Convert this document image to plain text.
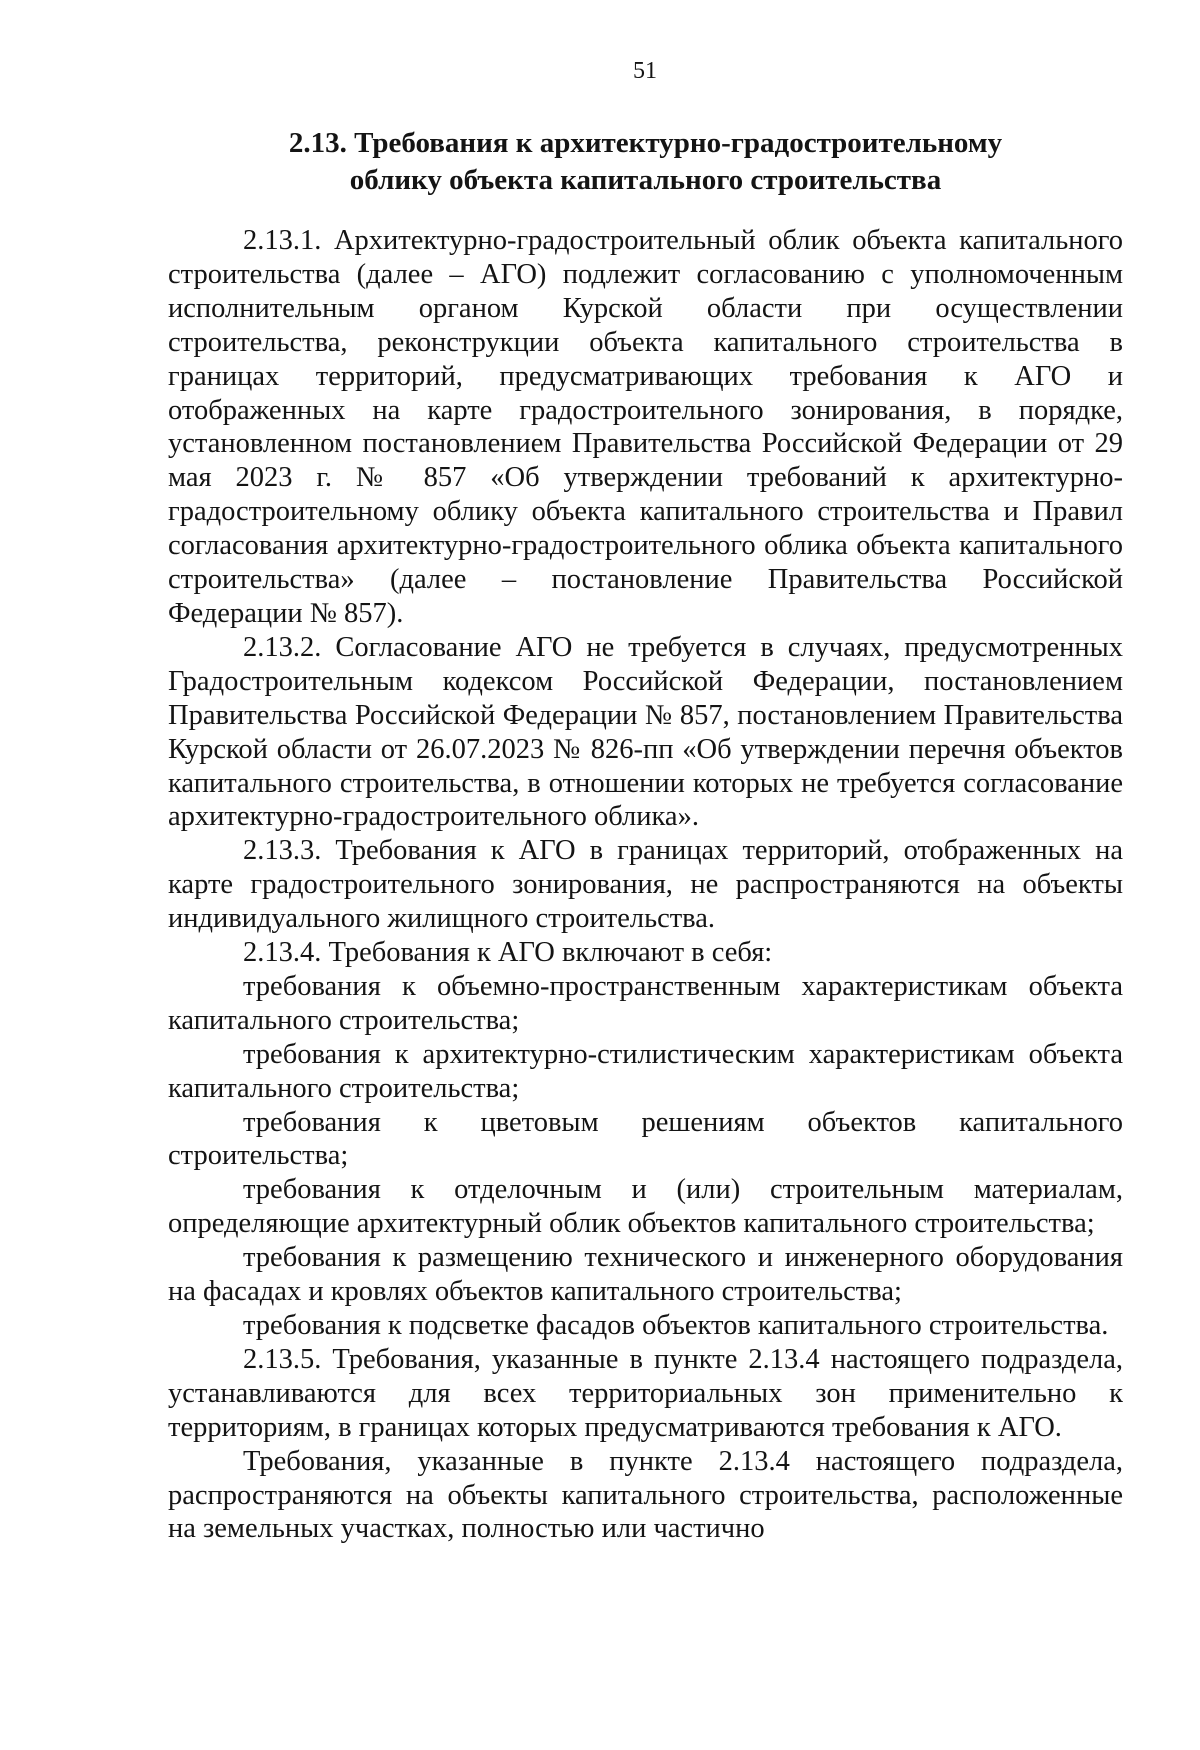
51
2.13. Требования к архитектурно-градостроительному
облику объекта капитального строительства

2.13.1. Архитектурно-градостроительный облик объекта капитального строительства (далее – АГО) подлежит согласованию с уполномоченным исполнительным органом Курской области при осуществлении строительства, реконструкции объекта капитального строительства в границах территорий, предусматривающих требования к АГО и отображенных на карте градостроительного зонирования, в порядке, установленном постановлением Правительства Российской Федерации от 29 мая 2023 г. № 857 «Об утверждении требований к архитектурно-градостроительному облику объекта капитального строительства и Правил согласования архитектурно-градостроительного облика объекта капитального строительства» (далее – постановление Правительства Российской Федерации № 857).

2.13.2. Согласование АГО не требуется в случаях, предусмотренных Градостроительным кодексом Российской Федерации, постановлением Правительства Российской Федерации № 857, постановлением Правительства Курской области от 26.07.2023 № 826-пп «Об утверждении перечня объектов капитального строительства, в отношении которых не требуется согласование архитектурно-градостроительного облика».

2.13.3. Требования к АГО в границах территорий, отображенных на карте градостроительного зонирования, не распространяются на объекты индивидуального жилищного строительства.

2.13.4. Требования к АГО включают в себя:

требования к объемно-пространственным характеристикам объекта капитального строительства;

требования к архитектурно-стилистическим характеристикам объекта капитального строительства;

требования к цветовым решениям объектов капитального строительства;

требования к отделочным и (или) строительным материалам, определяющие архитектурный облик объектов капитального строительства;

требования к размещению технического и инженерного оборудования на фасадах и кровлях объектов капитального строительства;

требования к подсветке фасадов объектов капитального строительства.

2.13.5. Требования, указанные в пункте 2.13.4 настоящего подраздела, устанавливаются для всех территориальных зон применительно к территориям, в границах которых предусматриваются требования к АГО.

Требования, указанные в пункте 2.13.4 настоящего подраздела, распространяются на объекты капитального строительства, расположенные на земельных участках, полностью или частично
